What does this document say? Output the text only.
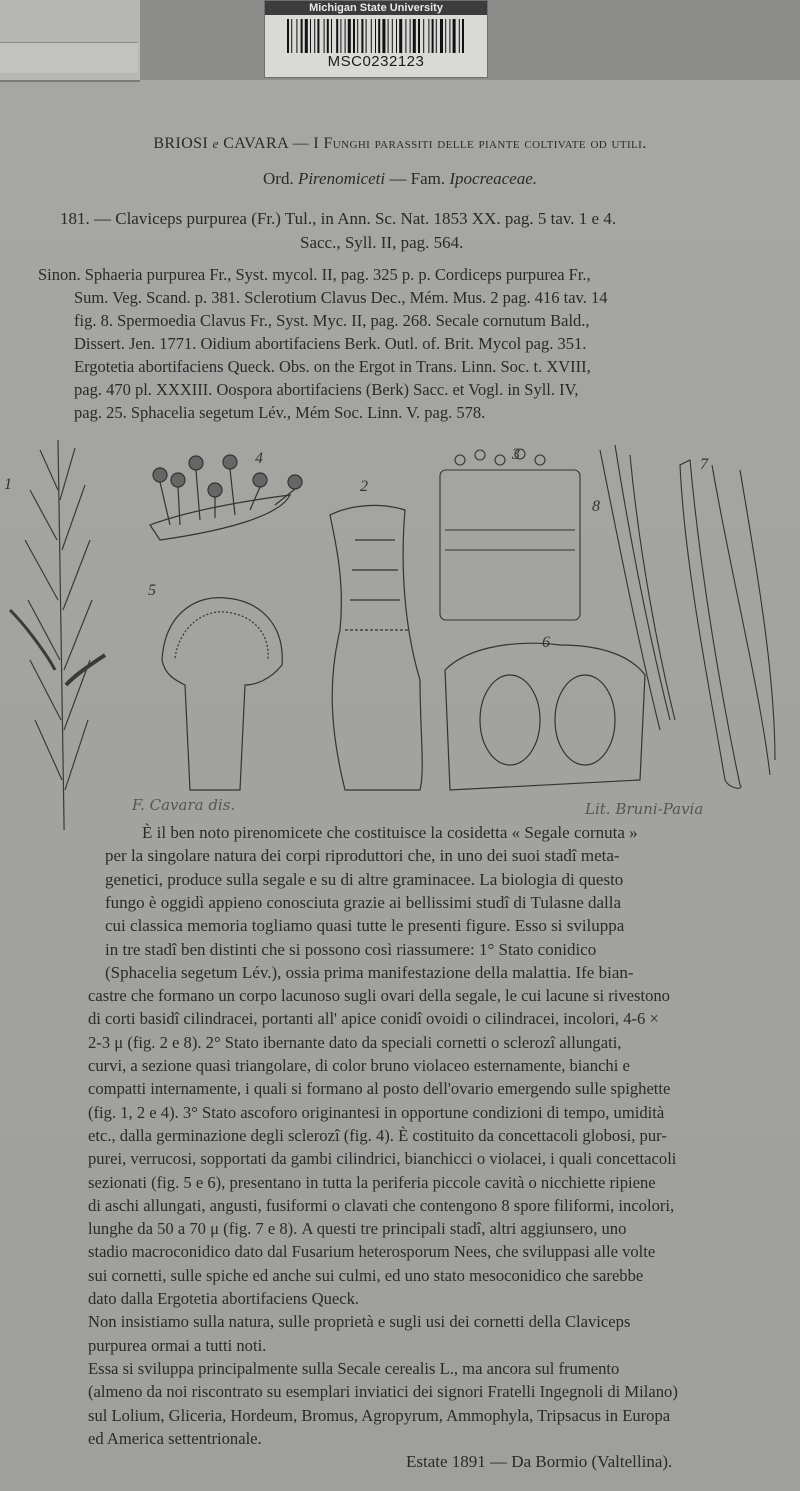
Michigan State University
MSC0232123
BRIOSI e CAVARA — I Funghi parassiti delle piante coltivate od utili.
Ord. Pirenomiceti — Fam. Ipocreaceae.
181. — Claviceps purpurea (Fr.) Tul., in Ann. Sc. Nat. 1853 XX. pag. 5 tav. 1 e 4.
Sacc., Syll. II, pag. 564.
Sinon. Sphaeria purpurea Fr., Syst. mycol. II, pag. 325 p. p. Cordiceps purpurea Fr.,
Sum. Veg. Scand. p. 381. Sclerotium Clavus Dec., Mém. Mus. 2 pag. 416 tav. 14
fig. 8. Spermoedia Clavus Fr., Syst. Myc. II, pag. 268. Secale cornutum Bald.,
Dissert. Jen. 1771. Oidium abortifaciens Berk. Outl. of. Brit. Mycol pag. 351.
Ergotetia abortifaciens Queck. Obs. on the Ergot in Trans. Linn. Soc. t. XVIII,
pag. 470 pl. XXXIII. Oospora abortifaciens (Berk) Sacc. et Vogl. in Syll. IV,
pag. 25. Sphacelia segetum Lév., Mém Soc. Linn. V. pag. 578.
4
2
3
8
7
5
6
1
F. Cavara dis.	Lit. Bruni-Pavia
È il ben noto pirenomicete che costituisce la cosidetta « Segale cornuta »
per la singolare natura dei corpi riproduttori che, in uno dei suoi stadî meta-
genetici, produce sulla segale e su di altre graminacee. La biologia di questo
fungo è oggidì appieno conosciuta grazie ai bellissimi studî di Tulasne dalla
cui classica memoria togliamo quasi tutte le presenti figure. Esso si sviluppa
in tre stadî ben distinti che si possono così riassumere: 1° Stato conidico
(Sphacelia segetum Lév.), ossia prima manifestazione della malattia. Ife bian-
castre che formano un corpo lacunoso sugli ovari della segale, le cui lacune si rivestono
di corti basidî cilindracei, portanti all' apice conidî ovoidi o cilindracei, incolori, 4-6 ×
2-3 μ (fig. 2 e 8). 2° Stato ibernante dato da speciali cornetti o sclerozî allungati,
curvi, a sezione quasi triangolare, di color bruno violaceo esternamente, bianchi e
compatti internamente, i quali si formano al posto dell'ovario emergendo sulle spighette
(fig. 1, 2 e 4). 3° Stato ascoforo originantesi in opportune condizioni di tempo, umidità
etc., dalla germinazione degli sclerozî (fig. 4). È costituito da concettacoli globosi, pur-
purei, verrucosi, sopportati da gambi cilindrici, bianchicci o violacei, i quali concettacoli
sezionati (fig. 5 e 6), presentano in tutta la periferia piccole cavità o nicchiette ripiene
di aschi allungati, angusti, fusiformi o clavati che contengono 8 spore filiformi, incolori,
lunghe da 50 a 70 μ (fig. 7 e 8). A questi tre principali stadî, altri aggiunsero, uno
stadio macroconidico dato dal Fusarium heterosporum Nees, che sviluppasi alle volte
sui cornetti, sulle spiche ed anche sui culmi, ed uno stato mesoconidico che sarebbe
dato dalla Ergotetia abortifaciens Queck.
Non insistiamo sulla natura, sulle proprietà e sugli usi dei cornetti della Claviceps
purpurea ormai a tutti noti.
Essa si sviluppa principalmente sulla Secale cerealis L., ma ancora sul frumento
(almeno da noi riscontrato su esemplari inviatici dei signori Fratelli Ingegnoli di Milano)
sul Lolium, Gliceria, Hordeum, Bromus, Agropyrum, Ammophyla, Tripsacus in Europa
ed America settentrionale.
Estate 1891 — Da Bormio (Valtellina).
